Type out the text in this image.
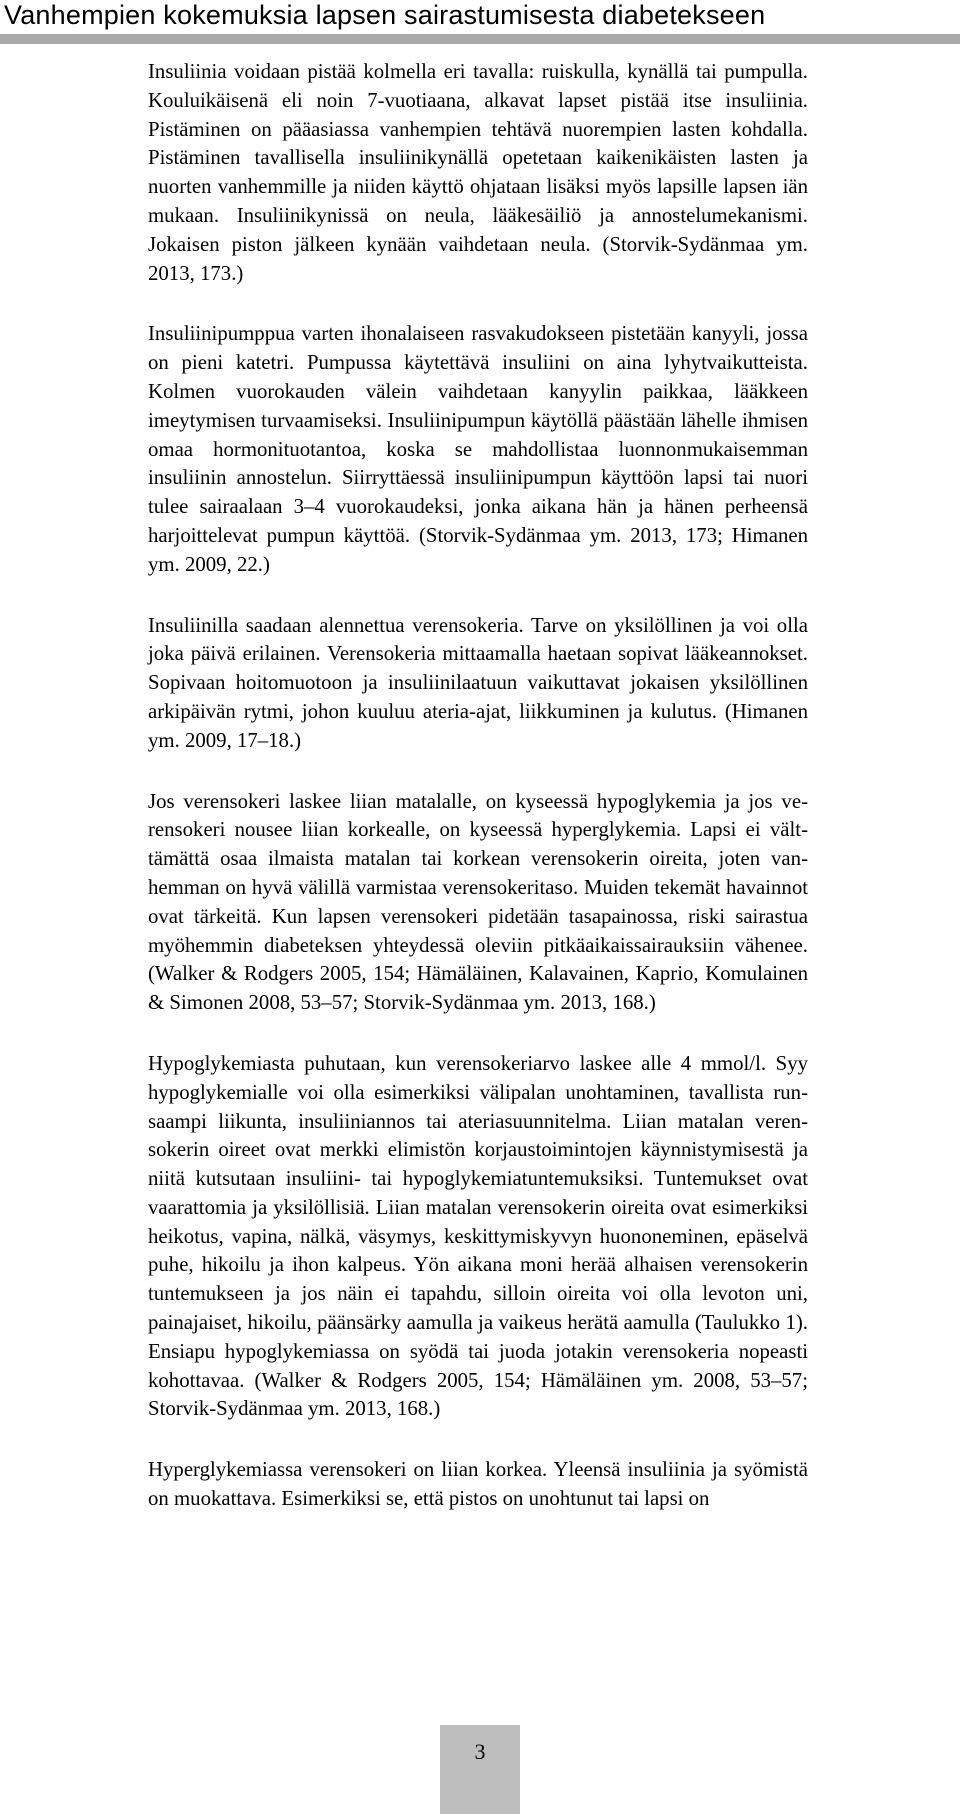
Vanhempien kokemuksia lapsen sairastumisesta diabetekseen

Insuliinia voidaan pistää kolmella eri tavalla: ruiskulla, kynällä tai pumpulla. Kouluikäisenä eli noin 7-vuotiaana, alkavat lapset pistää itse insuliinia. Pistäminen on pääasiassa vanhempien tehtävä nuorempien lasten kohdalla. Pistäminen tavallisella insuliinikynällä opetetaan kaikenikäisten lasten ja nuorten vanhemmille ja niiden käyttö ohjataan lisäksi myös lapsille lapsen iän mukaan. Insuliinikynissä on neula, lääkesäiliö ja annostelumekanismi. Jokaisen piston jälkeen kynään vaihdetaan neula. (Storvik-Sydänmaa ym. 2013, 173.)

Insuliinipumppua varten ihonalaiseen rasvakudokseen pistetään kanyyli, jossa on pieni katetri. Pumpussa käytettävä insuliini on aina lyhytvaikutteista. Kolmen vuorokauden välein vaihdetaan kanyylin paikkaa, lääkkeen imeytymisen turvaamiseksi. Insuliinipumpun käytöllä päästään lähelle ihmisen omaa hormonituotantoa, koska se mahdollistaa luonnonmukaisemman insuliinin annostelun. Siirryttäessä insuliinipumpun käyttöön lapsi tai nuori tulee sairaalaan 3–4 vuorokaudeksi, jonka aikana hän ja hänen perheensä harjoittelevat pumpun käyttöä. (Storvik-Sydänmaa ym. 2013, 173; Himanen ym. 2009, 22.)

Insuliinilla saadaan alennettua verensokeria. Tarve on yksilöllinen ja voi olla joka päivä erilainen. Verensokeria mittaamalla haetaan sopivat lääkeannokset. Sopivaan hoitomuotoon ja insuliinilaatuun vaikuttavat jokaisen yksilöllinen arkipäivän rytmi, johon kuuluu ateria-ajat, liikkuminen ja kulutus. (Himanen ym. 2009, 17–18.)

Jos verensokeri laskee liian matalalle, on kyseessä hypoglykemia ja jos verensokeri nousee liian korkealle, on kyseessä hyperglykemia. Lapsi ei välttämättä osaa ilmaista matalan tai korkean verensokerin oireita, joten vanhemman on hyvä välillä varmistaa verensokeritaso. Muiden tekemät havainnot ovat tärkeitä. Kun lapsen verensokeri pidetään tasapainossa, riski sairastua myöhemmin diabeteksen yhteydessä oleviin pitkäaikaissairauksiin vähenee. (Walker & Rodgers 2005, 154; Hämäläinen, Kalavainen, Kaprio, Komulainen & Simonen 2008, 53–57; Storvik-Sydänmaa ym. 2013, 168.)

Hypoglykemiasta puhutaan, kun verensokeriarvo laskee alle 4 mmol/l. Syy hypoglykemialle voi olla esimerkiksi välipalan unohtaminen, tavallista runsaampi liikunta, insuliiniannos tai ateriasuunnitelma. Liian matalan verensokerin oireet ovat merkki elimistön korjaustoimintojen käynnistymisestä ja niitä kutsutaan insuliini- tai hypoglykemiatuntemuksiksi. Tuntemukset ovat vaarattomia ja yksilöllisiä. Liian matalan verensokerin oireita ovat esimerkiksi heikotus, vapina, nälkä, väsymys, keskittymiskyvyn huononeminen, epäselvä puhe, hikoilu ja ihon kalpeus. Yön aikana moni herää alhaisen verensokerin tuntemukseen ja jos näin ei tapahdu, silloin oireita voi olla levoton uni, painajaiset, hikoilu, päänsärky aamulla ja vaikeus herätä aamulla (Taulukko 1). Ensiapu hypoglykemiassa on syödä tai juoda jotakin verensokeria nopeasti kohottavaa. (Walker & Rodgers 2005, 154; Hämäläinen ym. 2008, 53–57; Storvik-Sydänmaa ym. 2013, 168.)

Hyperglykemiassa verensokeri on liian korkea. Yleensä insuliinia ja syömistä on muokattava. Esimerkiksi se, että pistos on unohtunut tai lapsi on

3
